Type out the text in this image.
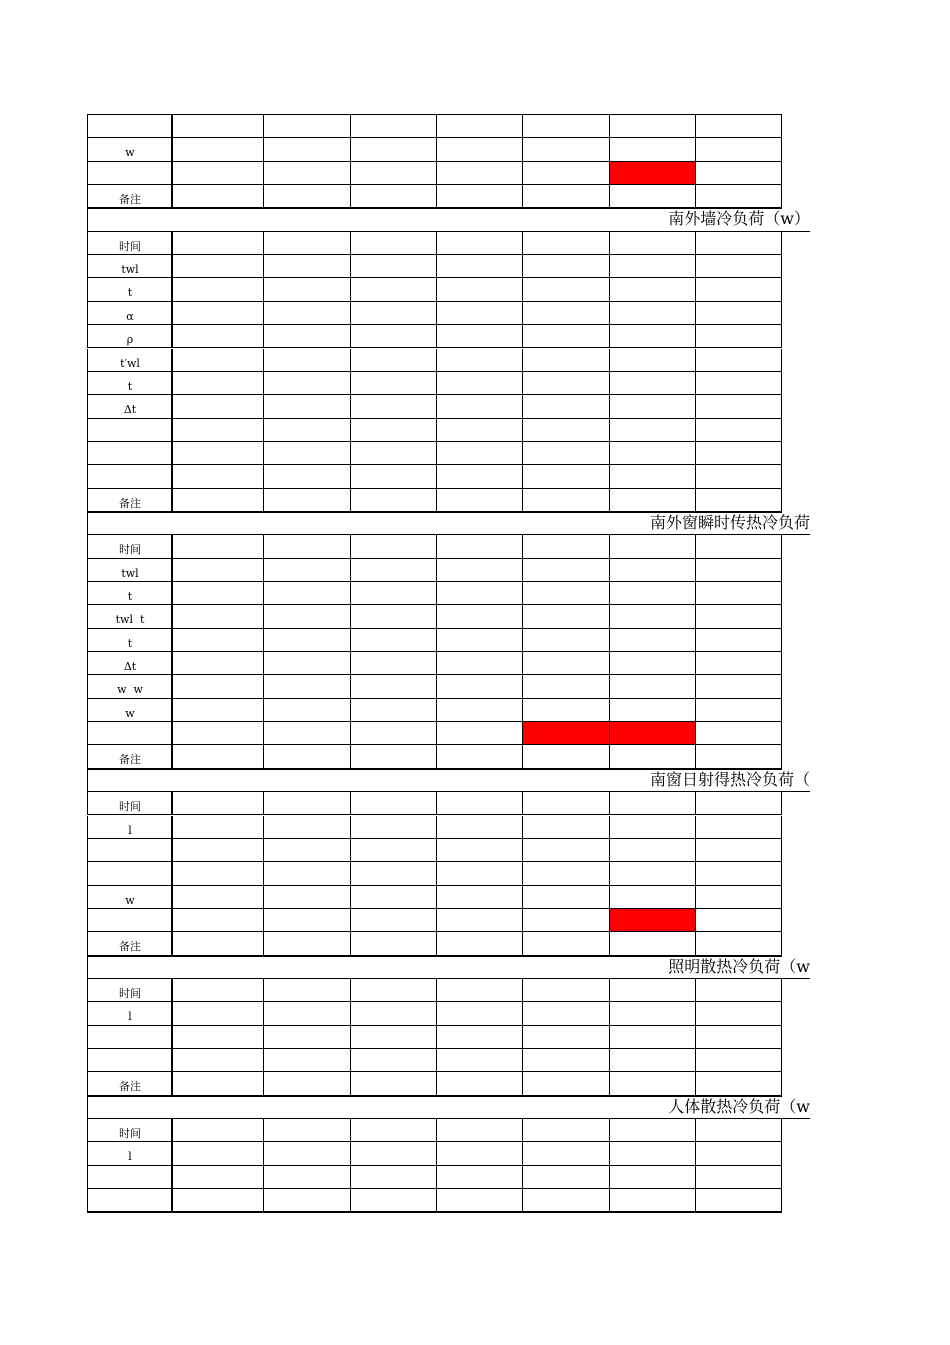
w
备注
南外墙冷负荷（w）
时间
twl
t
α
ρ
t′wl
t
Δt
备注
南外窗瞬时传热冷负荷
时间
twl
t
twl  t
t
Δt
w  w
w
备注
南窗日射得热冷负荷（
时间
l
w
备注
照明散热冷负荷（w
时间
l
备注
人体散热冷负荷（w
时间
l
